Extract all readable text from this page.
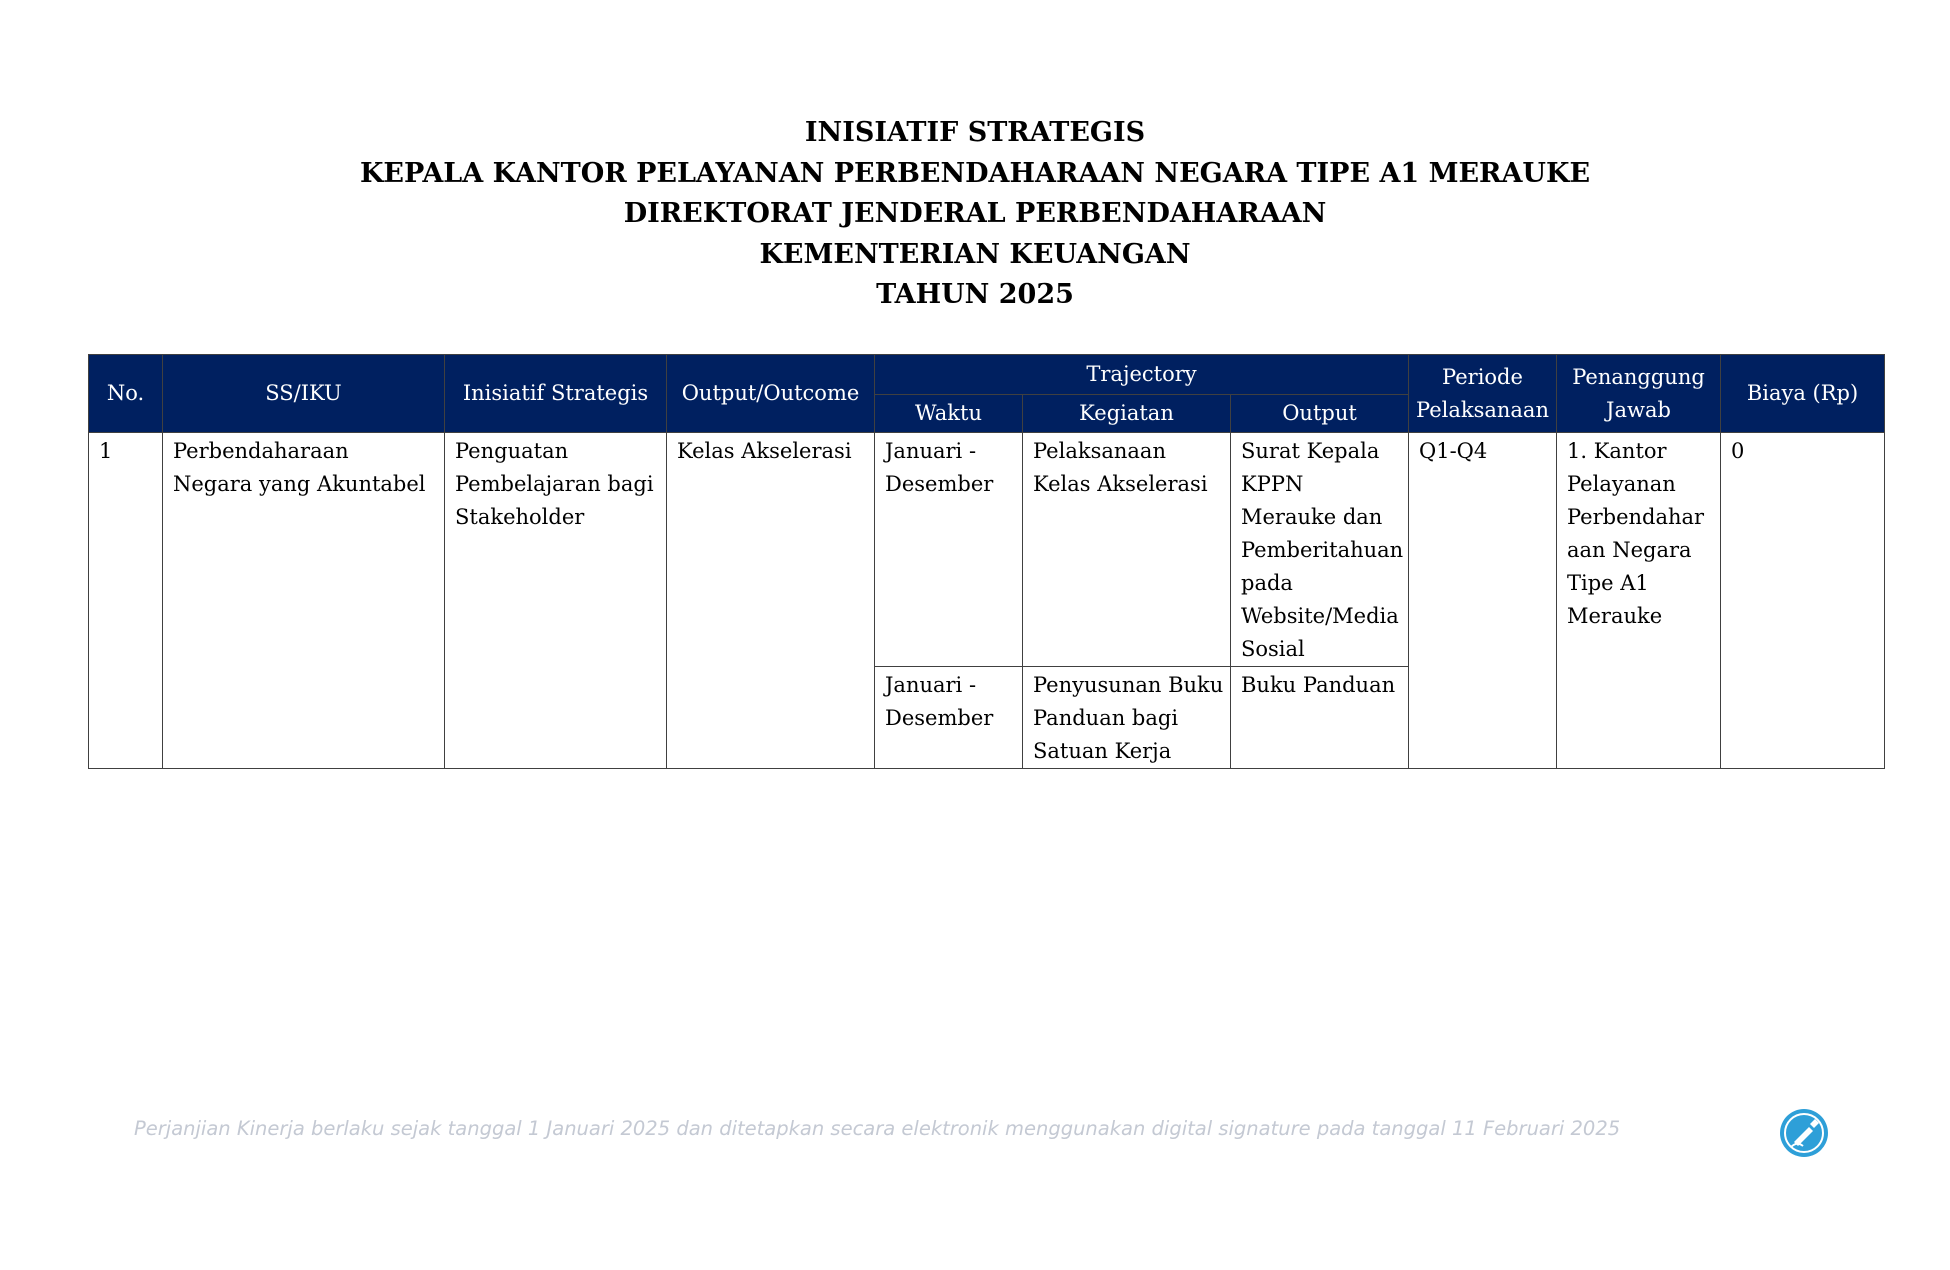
INISIATIF STRATEGIS
KEPALA KANTOR PELAYANAN PERBENDAHARAAN NEGARA TIPE A1 MERAUKE
DIREKTORAT JENDERAL PERBENDAHARAAN
KEMENTERIAN KEUANGAN
TAHUN 2025
No.	SS/IKU	Inisiatif Strategis	Output/Outcome	Trajectory			Periode Pelaksanaan	Penanggung Jawab	Biaya (Rp)
				Waktu	Kegiatan	Output			
1	Perbendaharaan Negara yang Akuntabel	Penguatan Pembelajaran bagi Stakeholder	Kelas Akselerasi	Januari - Desember	Pelaksanaan Kelas Akselerasi	Surat Kepala KPPN Merauke dan Pemberitahuan pada Website/Media Sosial	Q1-Q4	1. Kantor Pelayanan Perbendaharaan Negara Tipe A1 Merauke	0
				Januari - Desember	Penyusunan Buku Panduan bagi Satuan Kerja	Buku Panduan			
Perjanjian Kinerja berlaku sejak tanggal 1 Januari 2025 dan ditetapkan secara elektronik menggunakan digital signature pada tanggal 11 Februari 2025
